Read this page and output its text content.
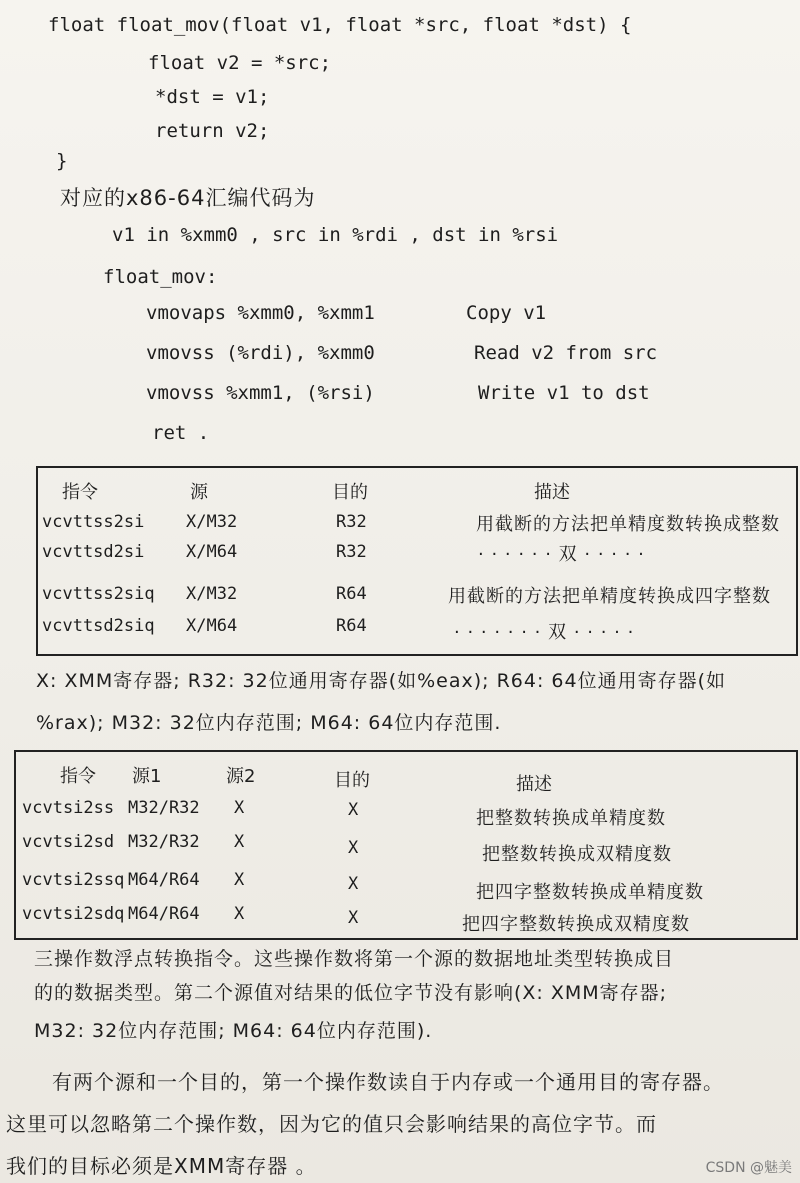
float float_mov(float v1, float *src, float *dst) {
float v2 = *src;
*dst = v1;
return v2;
}
对应的x86-64汇编代码为
v1 in %xmm0 , src in %rdi , dst in %rsi
float_mov:
vmovaps %xmm0, %xmm1	Copy v1
vmovss (%rdi), %xmm0	Read v2 from src
vmovss %xmm1, (%rsi)	Write v1 to dst
ret .
指令	源	目的	描述
vcvttss2si X/M32	R32	用截断的方法把单精度数转换成整数
vcvttsd2si X/M64	R32	· · · · · · 双 · · · · ·
vcvttss2siq X/M32	R64	用截断的方法把单精度转换成四字整数
vcvttsd2siq X/M64	R64	· · · · · · · 双 · · · · ·
X: XMM寄存器; R32: 32位通用寄存器(如%eax); R64: 64位通用寄存器(如
%rax); M32: 32位内存范围; M64: 64位内存范围.
指令 源1	源2	目的	描述
vcvtsi2ss M32/R32 X	X	把整数转换成单精度数
vcvtsi2sd M32/R32 X	X	把整数转换成双精度数
vcvtsi2ssq M64/R64 X	X	把四字整数转换成单精度数
vcvtsi2sdq M64/R64 X	X	把四字整数转换成双精度数
三操作数浮点转换指令。这些操作数将第一个源的数据地址类型转换成目
的的数据类型。第二个源值对结果的低位字节没有影响(X: XMM寄存器;
M32: 32位内存范围; M64: 64位内存范围).
有两个源和一个目的，第一个操作数读自于内存或一个通用目的寄存器。
这里可以忽略第二个操作数，因为它的值只会影响结果的高位字节。而
我们的目标必须是XMM寄存器 。	CSDN @魅美
